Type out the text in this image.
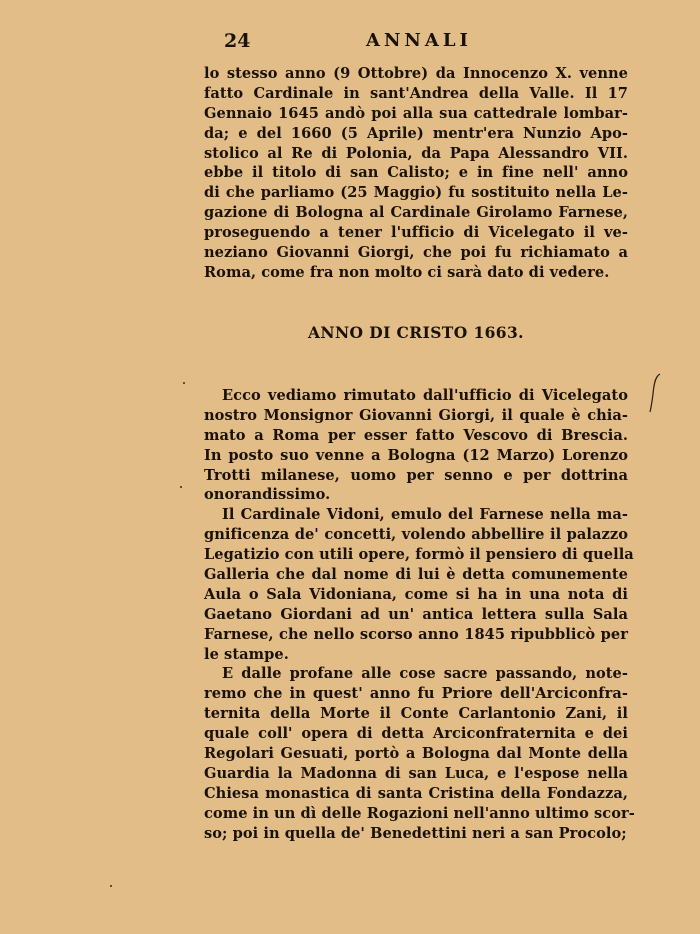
24	ANNALI
lo stesso anno (9 Ottobre) da Innocenzo X. venne
fatto Cardinale in sant'Andrea della Valle. Il 17
Gennaio 1645 andò poi alla sua cattedrale lombar-
da; e del 1660 (5 Aprile) mentr'era Nunzio Apo-
stolico al Re di Polonia, da Papa Alessandro VII.
ebbe il titolo di san Calisto; e in fine nell' anno
di che parliamo (25 Maggio) fu sostituito nella Le-
gazione di Bologna al Cardinale Girolamo Farnese,
proseguendo a tener l'ufficio di Vicelegato il ve-
neziano Giovanni Giorgi, che poi fu richiamato a
Roma, come fra non molto ci sarà dato di vedere.
ANNO DI CRISTO 1663.
Ecco vediamo rimutato dall'ufficio di Vicelegato
nostro Monsignor Giovanni Giorgi, il quale è chia-
mato a Roma per esser fatto Vescovo di Brescia.
In posto suo venne a Bologna (12 Marzo) Lorenzo
Trotti milanese, uomo per senno e per dottrina
onorandissimo.
Il Cardinale Vidoni, emulo del Farnese nella ma-
gnificenza de' concetti, volendo abbellire il palazzo
Legatizio con utili opere, formò il pensiero di quella
Galleria che dal nome di lui è detta comunemente
Aula o Sala Vidoniana, come si ha in una nota di
Gaetano Giordani ad un' antica lettera sulla Sala
Farnese, che nello scorso anno 1845 ripubblicò per
le stampe.
E dalle profane alle cose sacre passando, note-
remo che in quest' anno fu Priore dell'Arciconfra-
ternita della Morte il Conte Carlantonio Zani, il
quale coll' opera di detta Arciconfraternita e dei
Regolari Gesuati, portò a Bologna dal Monte della
Guardia la Madonna di san Luca, e l'espose nella
Chiesa monastica di santa Cristina della Fondazza,
come in un dì delle Rogazioni nell'anno ultimo scor-
so; poi in quella de' Benedettini neri a san Procolo;
